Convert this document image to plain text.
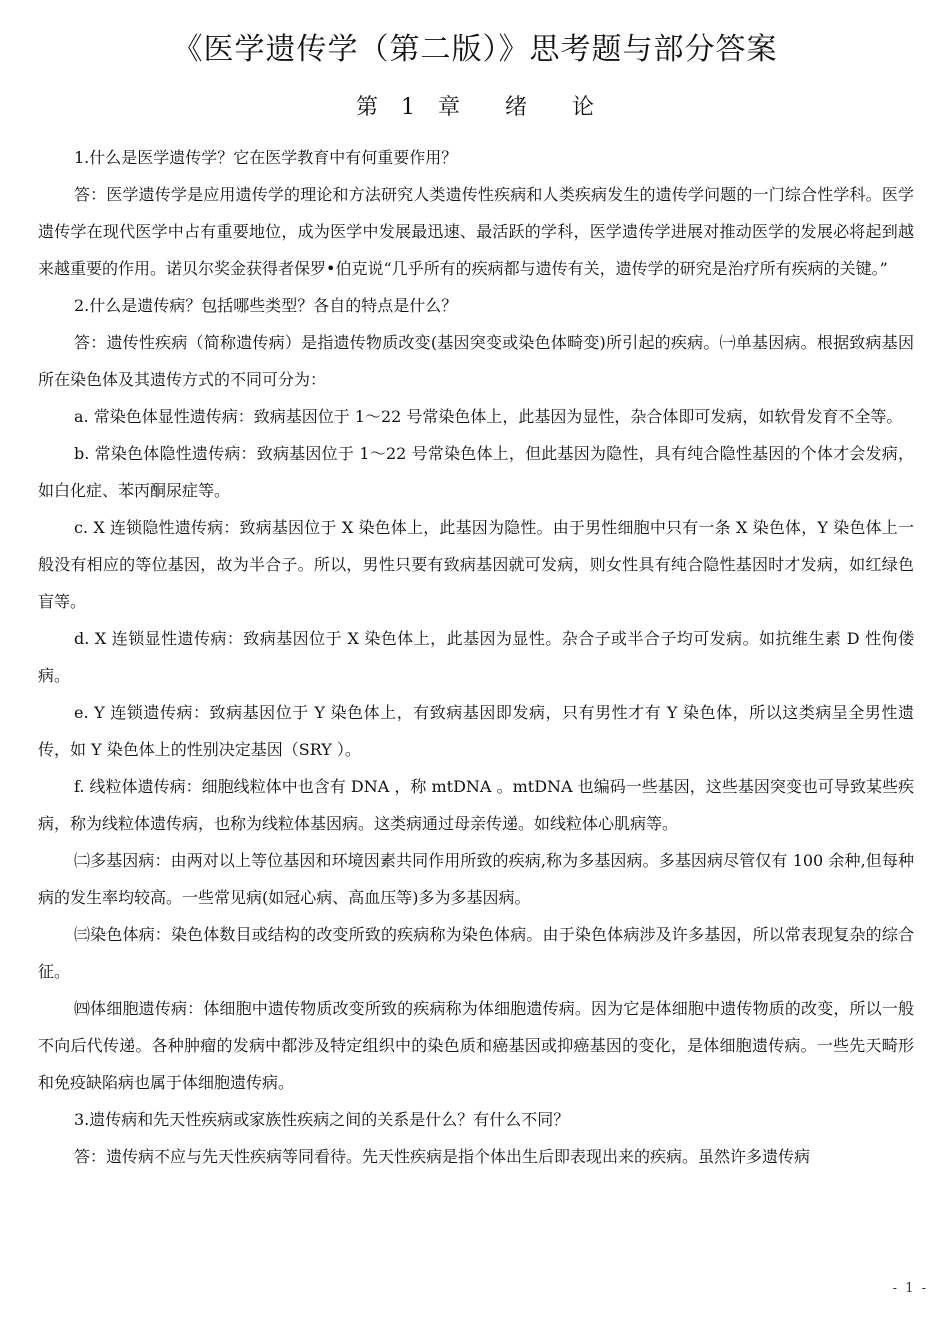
《医学遗传学（第二版）》思考题与部分答案
第 1 章　 绪　 论

1.什么是医学遗传学？它在医学教育中有何重要作用？

答：医学遗传学是应用遗传学的理论和方法研究人类遗传性疾病和人类疾病发生的遗传学问题的一门综合性学科。医学遗传学在现代医学中占有重要地位，成为医学中发展最迅速、最活跃的学科，医学遗传学进展对推动医学的发展必将起到越来越重要的作用。诺贝尔奖金获得者保罗•伯克说“几乎所有的疾病都与遗传有关，遗传学的研究是治疗所有疾病的关键。”

2.什么是遗传病？包括哪些类型？各自的特点是什么？

答：遗传性疾病（简称遗传病）是指遗传物质改变(基因突变或染色体畸变)所引起的疾病。㈠单基因病。根据致病基因所在染色体及其遗传方式的不同可分为：

a. 常染色体显性遗传病：致病基因位于 1～22 号常染色体上，此基因为显性，杂合体即可发病，如软骨发育不全等。

b. 常染色体隐性遗传病：致病基因位于 1～22 号常染色体上，但此基因为隐性，具有纯合隐性基因的个体才会发病，如白化症、苯丙酮尿症等。

c. X 连锁隐性遗传病：致病基因位于 X 染色体上，此基因为隐性。由于男性细胞中只有一条 X 染色体，Y 染色体上一般没有相应的等位基因，故为半合子。所以，男性只要有致病基因就可发病，则女性具有纯合隐性基因时才发病，如红绿色盲等。

d. X 连锁显性遗传病：致病基因位于 X 染色体上，此基因为显性。杂合子或半合子均可发病。如抗维生素 D 性佝偻病。

e. Y 连锁遗传病：致病基因位于 Y 染色体上，有致病基因即发病，只有男性才有 Y 染色体，所以这类病呈全男性遗传，如 Y 染色体上的性别决定基因（SRY ）。

f. 线粒体遗传病：细胞线粒体中也含有 DNA ，称 mtDNA 。mtDNA 也编码一些基因，这些基因突变也可导致某些疾病，称为线粒体遗传病，也称为线粒体基因病。这类病通过母亲传递。如线粒体心肌病等。

㈡多基因病：由两对以上等位基因和环境因素共同作用所致的疾病,称为多基因病。多基因病尽管仅有 100 余种,但每种病的发生率均较高。一些常见病(如冠心病、高血压等)多为多基因病。

㈢染色体病：染色体数目或结构的改变所致的疾病称为染色体病。由于染色体病涉及许多基因，所以常表现复杂的综合征。

㈣体细胞遗传病：体细胞中遗传物质改变所致的疾病称为体细胞遗传病。因为它是体细胞中遗传物质的改变，所以一般不向后代传递。各种肿瘤的发病中都涉及特定组织中的染色质和癌基因或抑癌基因的变化，是体细胞遗传病。一些先天畸形和免疫缺陷病也属于体细胞遗传病。

3.遗传病和先天性疾病或家族性疾病之间的关系是什么？有什么不同？

答：遗传病不应与先天性疾病等同看待。先天性疾病是指个体出生后即表现出来的疾病。虽然许多遗传病

- 1 -
